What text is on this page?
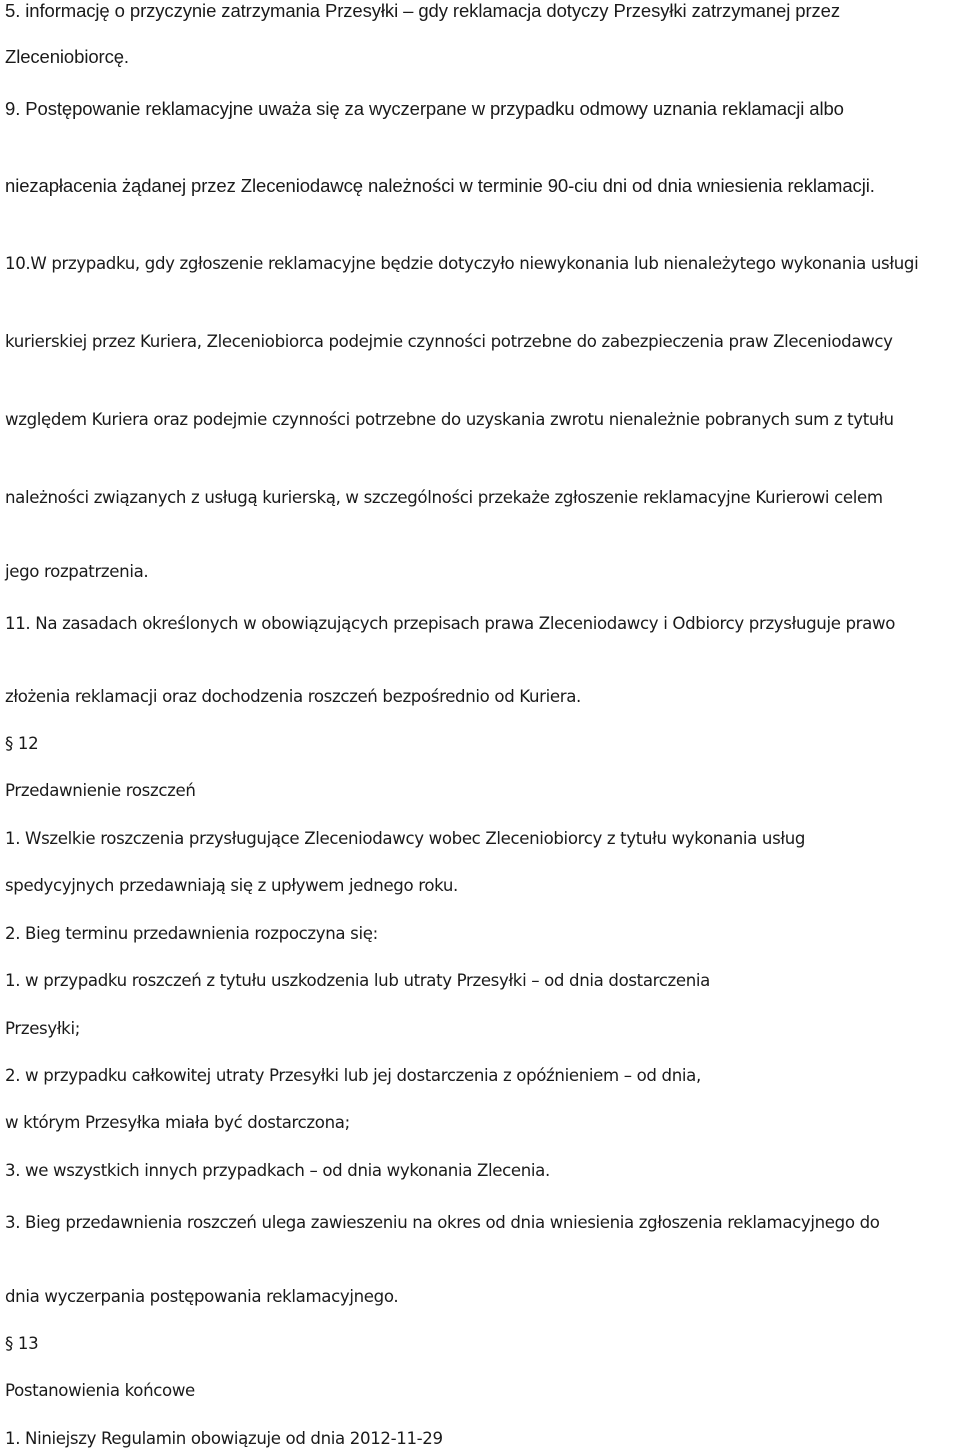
5. informację o przyczynie zatrzymania Przesyłki – gdy reklamacja dotyczy Przesyłki zatrzymanej przez

Zleceniobiorcę.

9. Postępowanie reklamacyjne uważa się za wyczerpane w przypadku odmowy uznania reklamacji albo

niezapłacenia żądanej przez Zleceniodawcę należności w terminie 90-ciu dni od dnia wniesienia reklamacji.

10.W przypadku, gdy zgłoszenie reklamacyjne będzie dotyczyło niewykonania lub nienależytego wykonania usługi

kurierskiej przez Kuriera, Zleceniobiorca podejmie czynności potrzebne do zabezpieczenia praw Zleceniodawcy

względem Kuriera oraz podejmie czynności potrzebne do uzyskania zwrotu nienależnie pobranych sum z tytułu

należności związanych z usługą kurierską, w szczególności przekaże zgłoszenie reklamacyjne Kurierowi celem

jego rozpatrzenia.

11. Na zasadach określonych w obowiązujących przepisach prawa Zleceniodawcy i Odbiorcy przysługuje prawo

złożenia reklamacji oraz dochodzenia roszczeń bezpośrednio od Kuriera.

§ 12

Przedawnienie roszczeń

1. Wszelkie roszczenia przysługujące Zleceniodawcy wobec Zleceniobiorcy z tytułu wykonania usług

spedycyjnych przedawniają się z upływem jednego roku.

2. Bieg terminu przedawnienia rozpoczyna się:

1. w przypadku roszczeń z tytułu uszkodzenia lub utraty Przesyłki – od dnia dostarczenia

Przesyłki;

2. w przypadku całkowitej utraty Przesyłki lub jej dostarczenia z opóźnieniem – od dnia,

w którym Przesyłka miała być dostarczona;

3. we wszystkich innych przypadkach – od dnia wykonania Zlecenia.

3. Bieg przedawnienia roszczeń ulega zawieszeniu na okres od dnia wniesienia zgłoszenia reklamacyjnego do

dnia wyczerpania postępowania reklamacyjnego.

§ 13

Postanowienia końcowe

1. Niniejszy Regulamin obowiązuje od dnia 2012-11-29
